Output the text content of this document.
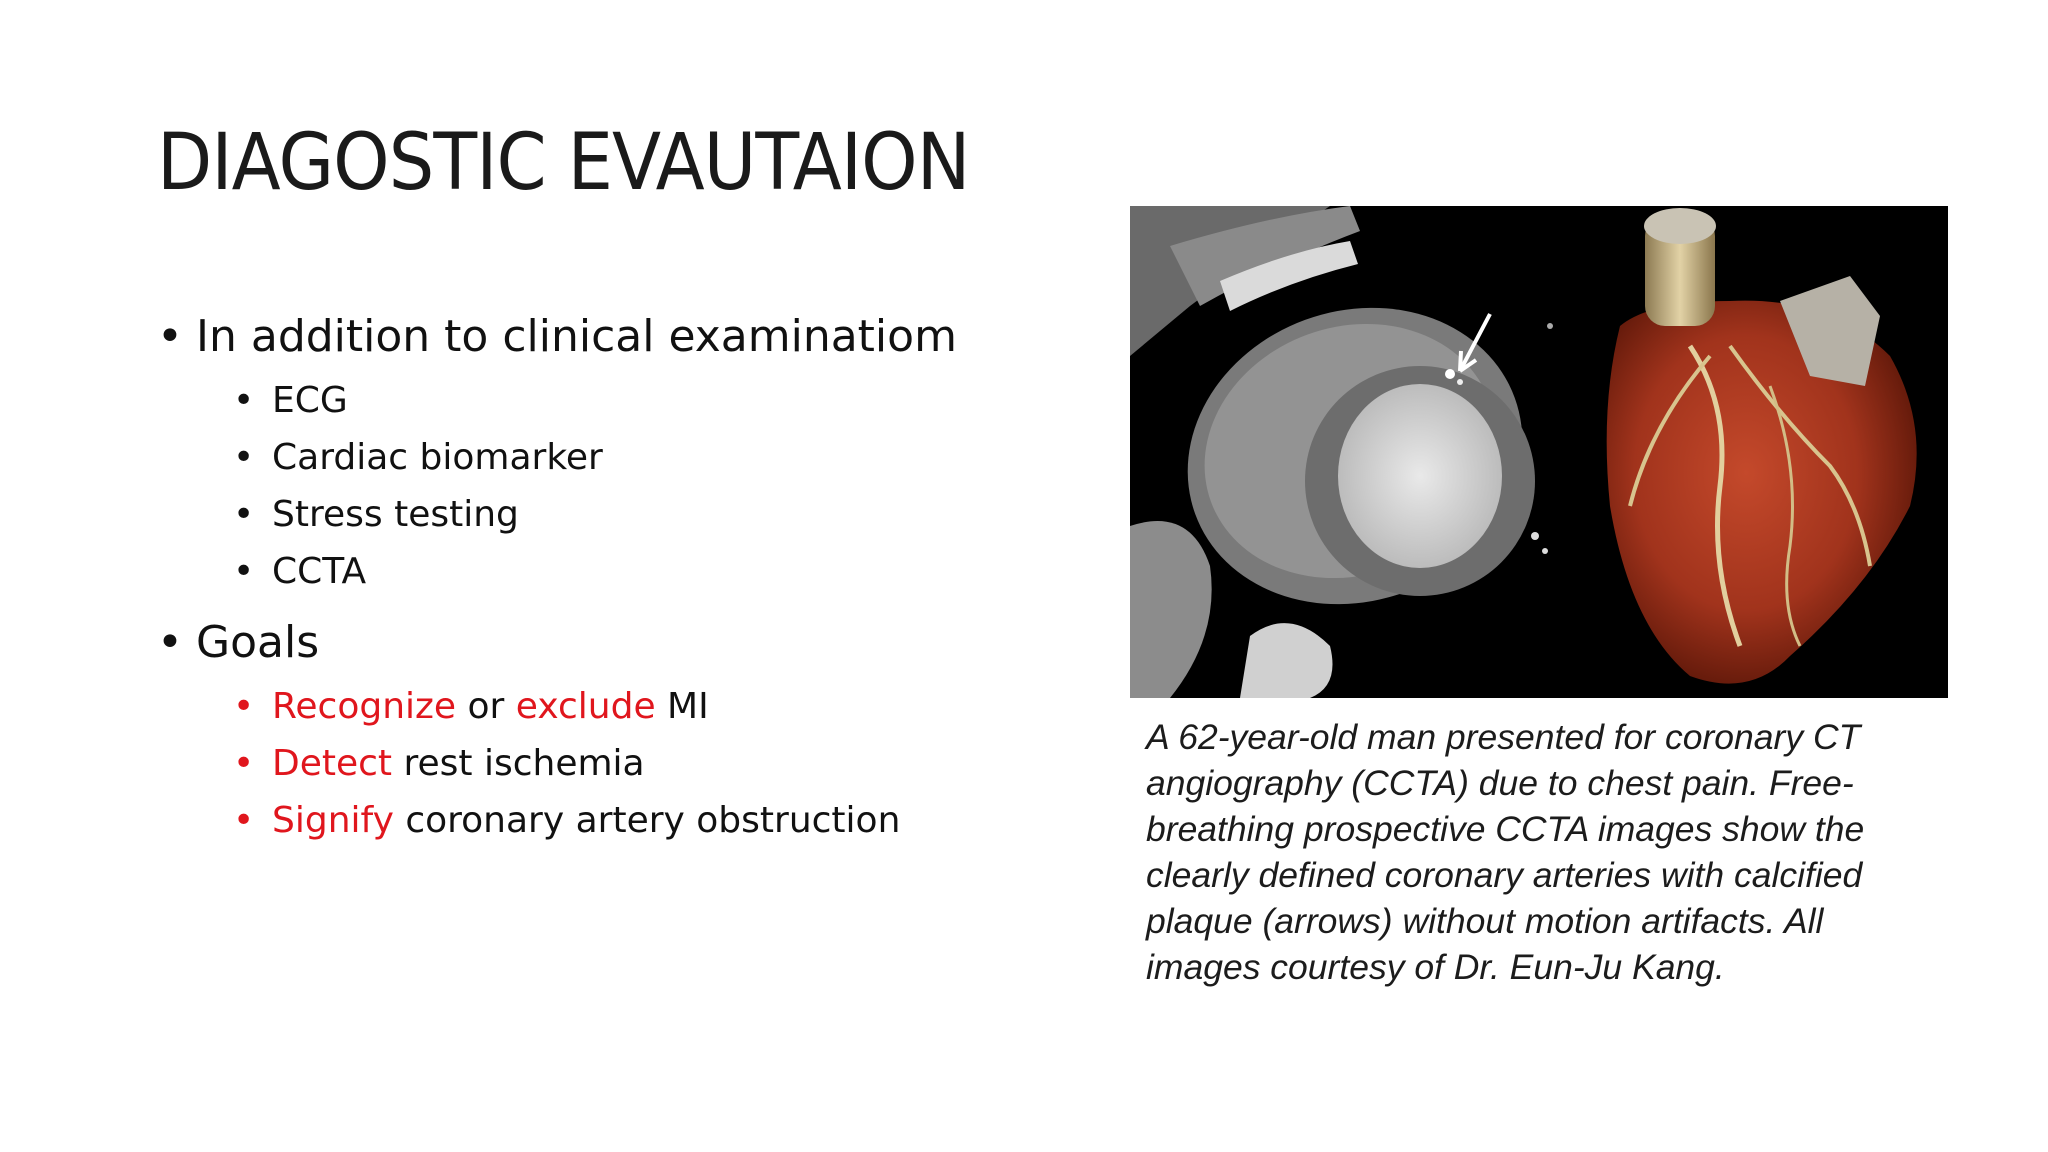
DIAGOSTIC EVAUTAION
• In addition to clinical examinatiom
• ECG
• Cardiac biomarker
• Stress testing
• CCTA
• Goals
• Recognize or exclude MI
• Detect rest ischemia
• Signify coronary artery obstruction
A 62-year-old man presented for coronary CT
angiography (CCTA) due to chest pain. Free-
breathing prospective CCTA images show the
clearly defined coronary arteries with calcified
plaque (arrows) without motion artifacts. All
images courtesy of Dr. Eun-Ju Kang.
